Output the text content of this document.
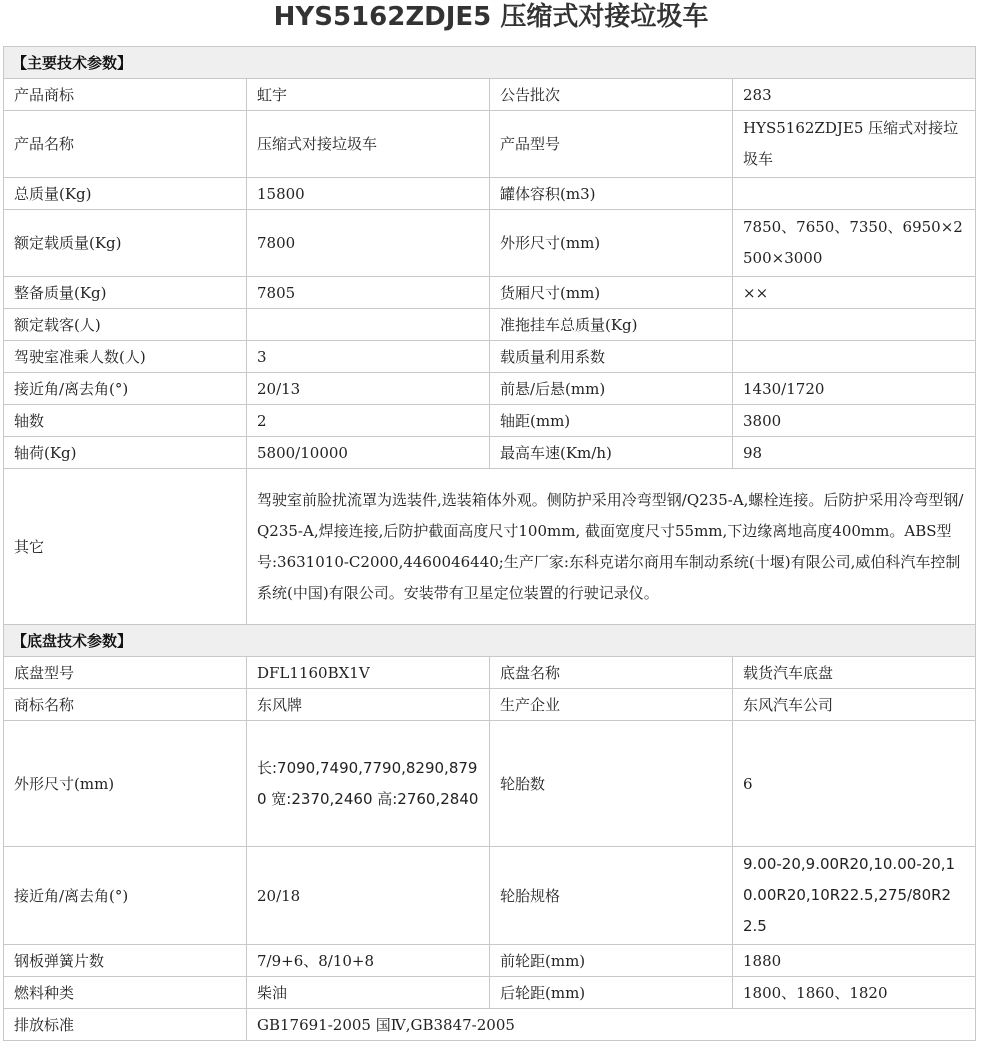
HYS5162ZDJE5 压缩式对接垃圾车
【主要技术参数】			
产品商标	虹宇	公告批次	283
产品名称	压缩式对接垃圾车	产品型号	HYS5162ZDJE5 压缩式对接垃圾车
总质量(Kg)	15800	罐体容积(m3)	
额定载质量(Kg)	7800	外形尺寸(mm)	7850、7650、7350、6950×2500×3000
整备质量(Kg)	7805	货厢尺寸(mm)	××
额定载客(人)		准拖挂车总质量(Kg)	
驾驶室准乘人数(人)	3	载质量利用系数	
接近角/离去角(°)	20/13	前悬/后悬(mm)	1430/1720
轴数	2	轴距(mm)	3800
轴荷(Kg)	5800/10000	最高车速(Km/h)	98
其它	驾驶室前脸扰流罩为选装件,选装箱体外观。侧防护采用冷弯型钢/Q235-A,螺栓连接。后防护采用冷弯型钢/Q235-A,焊接连接,后防护截面高度尺寸100mm, 截面宽度尺寸55mm,下边缘离地高度400mm。ABS型号:3631010-C2000,4460046440;生产厂家:东科克诺尔商用车制动系统(十堰)有限公司,威伯科汽车控制系统(中国)有限公司。安装带有卫星定位装置的行驶记录仪。		
【底盘技术参数】			
底盘型号	DFL1160BX1V	底盘名称	载货汽车底盘
商标名称	东风牌	生产企业	东风汽车公司
外形尺寸(mm)	长:7090,7490,7790,8290,8790 宽:2370,2460 高:2760,2840	轮胎数	6
接近角/离去角(°)	20/18	轮胎规格	9.00-20,9.00R20,10.00-20,10.00R20,10R22.5,275/80R22.5
钢板弹簧片数	7/9+6、8/10+8	前轮距(mm)	1880
燃料种类	柴油	后轮距(mm)	1800、1860、1820
排放标准	GB17691-2005 国Ⅳ,GB3847-2005		
